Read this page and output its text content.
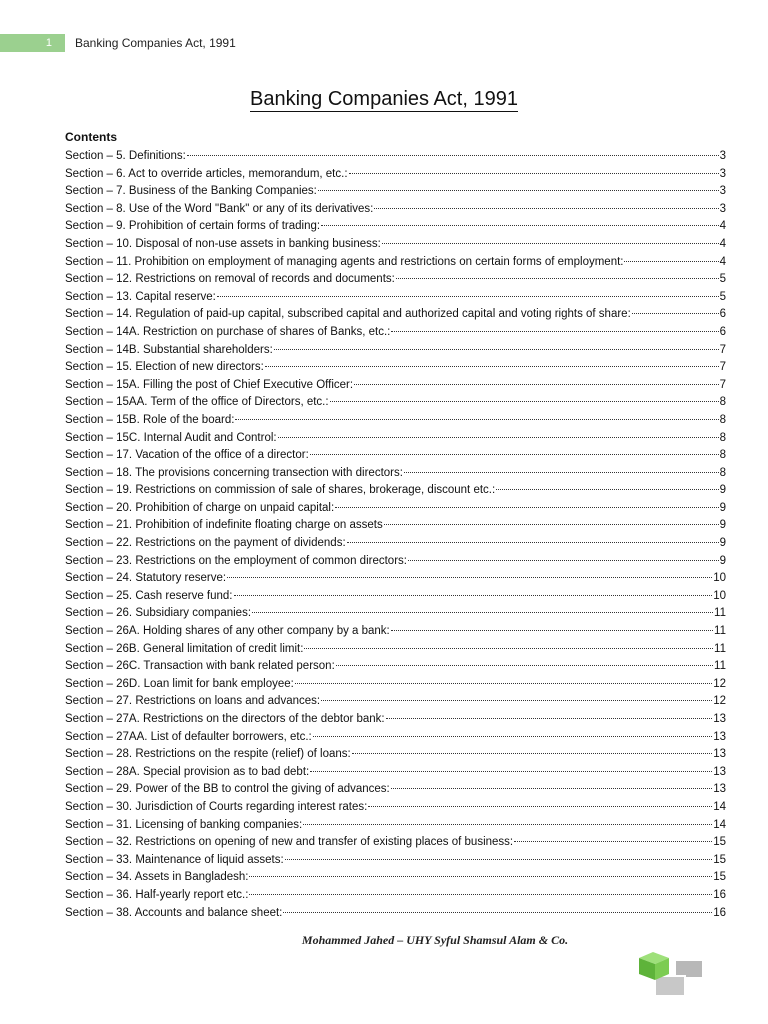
1	Banking Companies Act, 1991
Banking Companies Act, 1991
Contents
Section – 5. Definitions:	3
Section – 6. Act to override articles, memorandum, etc.:	3
Section – 7. Business of the Banking Companies:	3
Section – 8. Use of the Word "Bank" or any of its derivatives:	3
Section – 9. Prohibition of certain forms of trading:	4
Section – 10. Disposal of non-use assets in banking business:	4
Section – 11. Prohibition on employment of managing agents and restrictions on certain forms of employment:	4
Section – 12. Restrictions on removal of records and documents:	5
Section – 13. Capital reserve:	5
Section – 14. Regulation of paid-up capital, subscribed capital and authorized capital and voting rights of share:	6
Section – 14A. Restriction on purchase of shares of Banks, etc.:	6
Section – 14B. Substantial shareholders:	7
Section – 15. Election of new directors:	7
Section – 15A. Filling the post of Chief Executive Officer:	7
Section – 15AA. Term of the office of Directors, etc.:	8
Section – 15B. Role of the board:	8
Section – 15C. Internal Audit and Control:	8
Section – 17. Vacation of the office of a director:	8
Section – 18. The provisions concerning transection with directors:	8
Section – 19. Restrictions on commission of sale of shares, brokerage, discount etc.:	9
Section – 20. Prohibition of charge on unpaid capital:	9
Section – 21. Prohibition of indefinite floating charge on assets	9
Section – 22. Restrictions on the payment of dividends:	9
Section – 23. Restrictions on the employment of common directors:	9
Section – 24. Statutory reserve:	10
Section – 25. Cash reserve fund:	10
Section – 26. Subsidiary companies:	11
Section – 26A. Holding shares of any other company by a bank:	11
Section – 26B. General limitation of credit limit:	11
Section – 26C. Transaction with bank related person:	11
Section – 26D. Loan limit for bank employee:	12
Section – 27. Restrictions on loans and advances:	12
Section – 27A. Restrictions on the directors of the debtor bank:	13
Section – 27AA. List of defaulter borrowers, etc.:	13
Section – 28. Restrictions on the respite (relief) of loans:	13
Section – 28A. Special provision as to bad debt:	13
Section – 29. Power of the BB to control the giving of advances:	13
Section – 30. Jurisdiction of Courts regarding interest rates:	14
Section – 31. Licensing of banking companies:	14
Section – 32. Restrictions on opening of new and transfer of existing places of business:	15
Section – 33. Maintenance of liquid assets:	15
Section – 34. Assets in Bangladesh:	15
Section – 36. Half-yearly report etc.:	16
Section – 38. Accounts and balance sheet:	16
Mohammed Jahed – UHY Syful Shamsul Alam & Co.
